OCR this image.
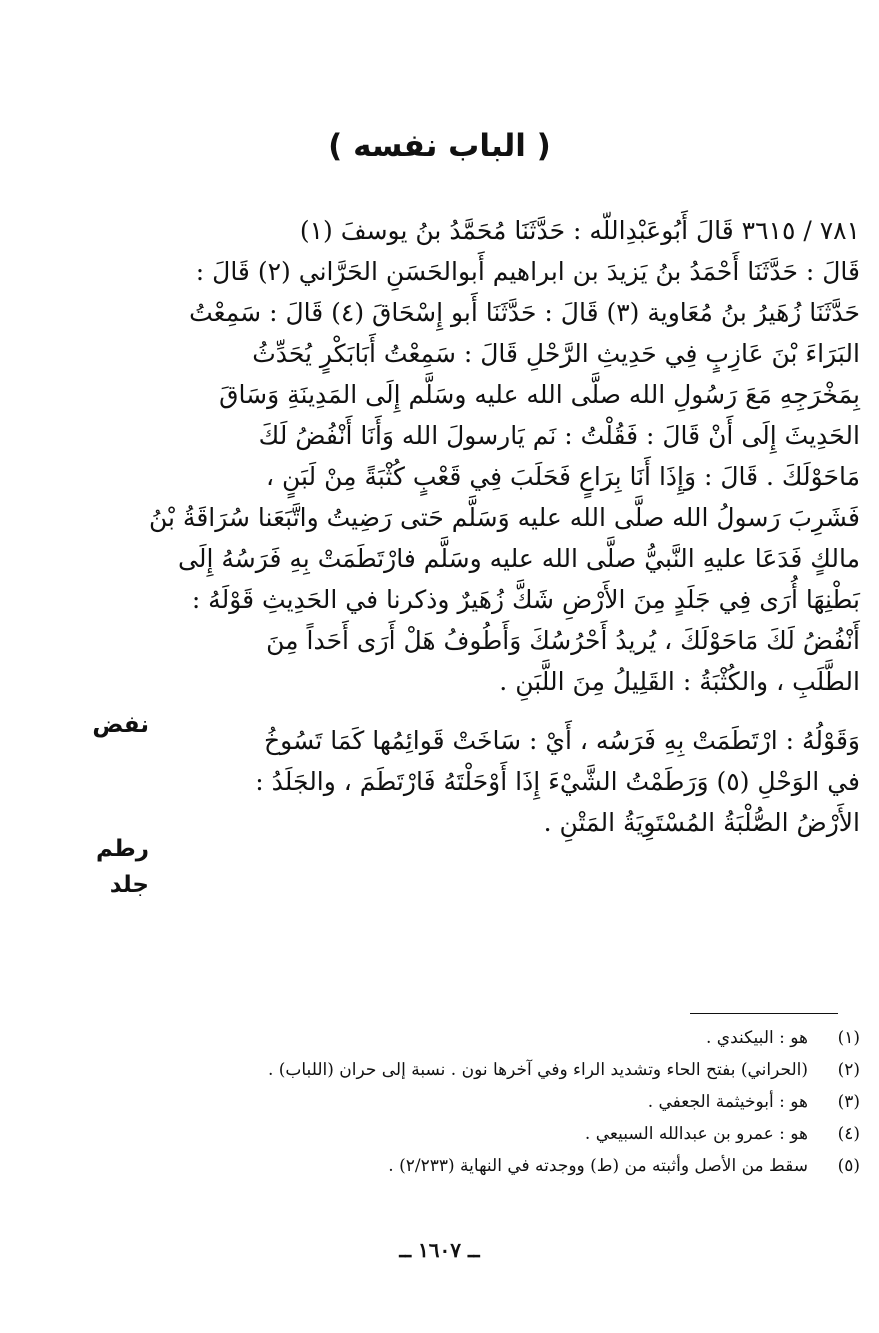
( الباب نفسه )

٧٨١ / ٣٦١٥ قَالَ أَبُوعَبْدِاللّه : حَدَّثَنَا مُحَمَّدُ بنُ يوسفَ (١)
قَالَ : حَدَّثَنَا أَحْمَدُ بنُ يَزيدَ بن ابراهيم أَبوالحَسَنِ الحَرَّاني (٢) قَالَ :
حَدَّثَنَا زُهَيرُ بنُ مُعَاوية (٣) قَالَ : حَدَّثَنَا أَبو إِسْحَاقَ (٤) قَالَ : سَمِعْتُ
البَرَاءَ بْنَ عَازِبٍ فِي حَدِيثِ الرَّحْلِ قَالَ : سَمِعْتُ أَبَابَكْرٍ يُحَدِّثُ
بِمَخْرَجِهِ مَعَ رَسُولِ الله صلَّى الله عليه وسَلَّم إِلَى المَدِينَةِ وَسَاقَ
الحَدِيثَ إِلَى أَنْ قَالَ : فَقُلْتُ : نَم يَارسولَ الله وَأَنَا أَنْفُضُ لَكَ
مَاحَوْلَكَ . قَالَ : وَإِذَا أَنَا بِرَاعٍ فَحَلَبَ فِي قَعْبٍ كُثْبَةً مِنْ لَبَنٍ ،
فَشَرِبَ رَسولُ الله صلَّى الله عليه وَسَلَّم حَتى رَضِيتُ واتَّبَعَنا سُرَاقَةُ بْنُ
مالكٍ فَدَعَا عليهِ النَّبيُّ صلَّى الله عليه وسَلَّم فارْتَطَمَتْ بِهِ فَرَسُهُ إِلَى
بَطْنِهَا أُرَى فِي جَلَدٍ مِنَ الأَرْضِ شَكَّ زُهَيرٌ وذكرنا في الحَدِيثِ قَوْلَهُ :
أَنْفُضُ لَكَ مَاحَوْلَكَ ، يُريدُ أَحْرُسُكَ وَأَطُوفُ هَلْ أَرَى أَحَداً مِنَ
الطَّلَبِ ، والكُثْبَةُ : القَلِيلُ مِنَ اللَّبَنِ .

وَقَوْلُهُ : ارْتَطَمَتْ بِهِ فَرَسُه ، أَيْ : سَاخَتْ قَوائِمُها كَمَا تَسُوخُ
في الوَحْلِ (٥) وَرَطَمْتُ الشَّيْءَ إِذَا أَوْحَلْتَهُ فَارْتَطَمَ ، والجَلَدُ :
الأَرْضُ الصُّلْبَةُ المُسْتَوِيَةُ المَتْنِ .

نفض
رطم
جلد
(١)
هو : البيكندي .
(٢)
(الحراني) بفتح الحاء وتشديد الراء وفي آخرها نون . نسبة إلى حران (اللباب) .
(٣)
هو : أبوخيثمة الجعفي .
(٤)
هو : عمرو بن عبدالله السبيعي .
(٥)
سقط من الأصل وأثبته من (ط) ووجدته في النهاية (٢/٢٣٣) .
ــ ١٦٠٧ ــ
